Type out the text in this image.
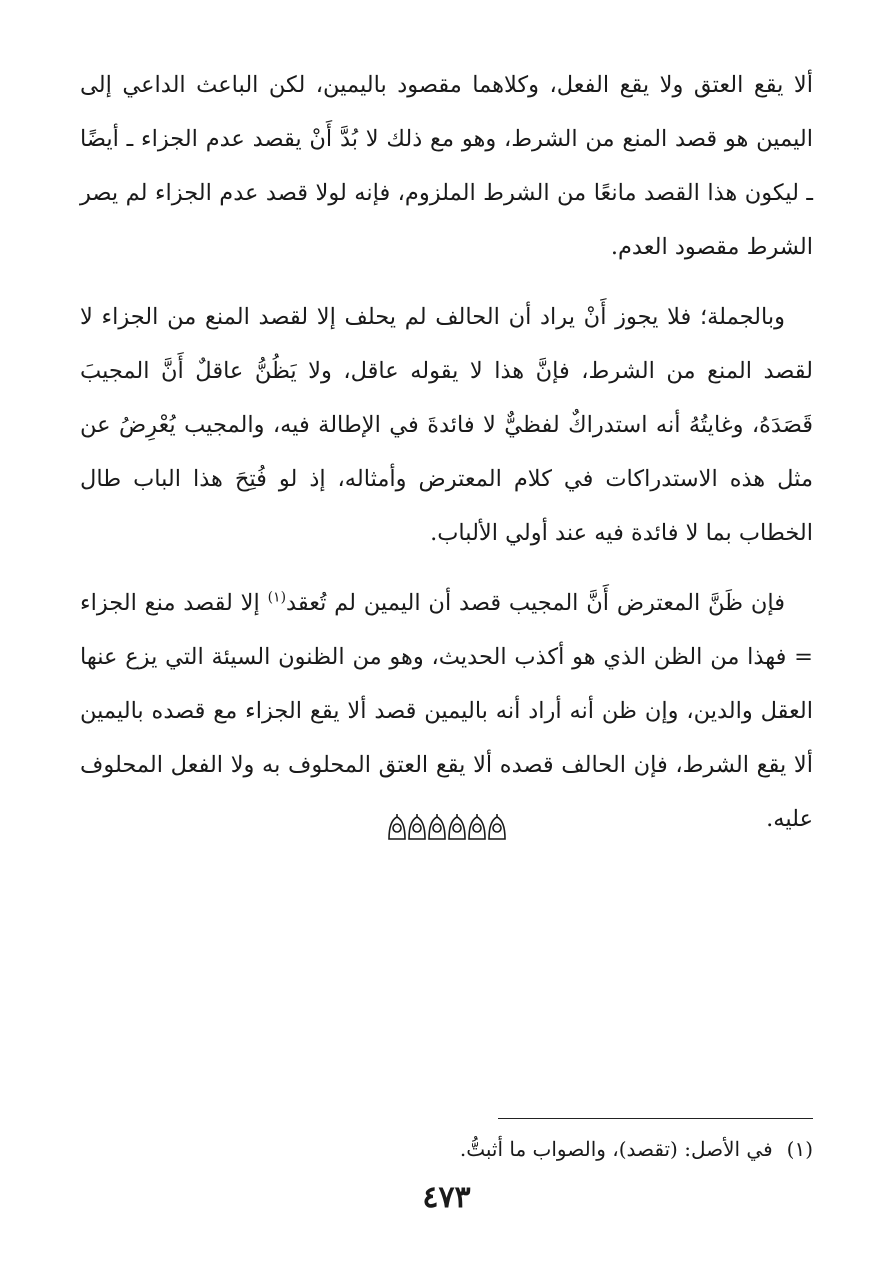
ألا يقع العتق ولا يقع الفعل، وكلاهما مقصود باليمين، لكن الباعث الداعي إلى اليمين هو قصد المنع من الشرط، وهو مع ذلك لا بُدَّ أَنْ يقصد عدم الجزاء ـ أيضًا ـ ليكون هذا القصد مانعًا من الشرط الملزوم، فإنه لولا قصد عدم الجزاء لم يصر الشرط مقصود العدم.

وبالجملة؛ فلا يجوز أَنْ يراد أن الحالف لم يحلف إلا لقصد المنع من الجزاء لا لقصد المنع من الشرط، فإنَّ هذا لا يقوله عاقل، ولا يَظُنُّ عاقلٌ أَنَّ المجيبَ قَصَدَهُ، وغايتُهُ أنه استدراكٌ لفظيٌّ لا فائدةَ في الإطالة فيه، والمجيب يُعْرِضُ عن مثل هذه الاستدراكات في كلام المعترض وأمثاله، إذ لو فُتِحَ هذا الباب طال الخطاب بما لا فائدة فيه عند أولي الألباب.

فإن ظَنَّ المعترض أَنَّ المجيب قصد أن اليمين لم تُعقد$^{(١)}$ إلا لقصد منع الجزاء = فهذا من الظن الذي هو أكذب الحديث، وهو من الظنون السيئة التي يزع عنها العقل والدين، وإن ظن أنه أراد أنه باليمين قصد ألا يقع الجزاء مع قصده باليمين ألا يقع الشرط، فإن الحالف قصده ألا يقع العتق المحلوف به ولا الفعل المحلوف عليه.

(١)في الأصل: (تقصد)، والصواب ما أثبتُّ.
٤٧٣
